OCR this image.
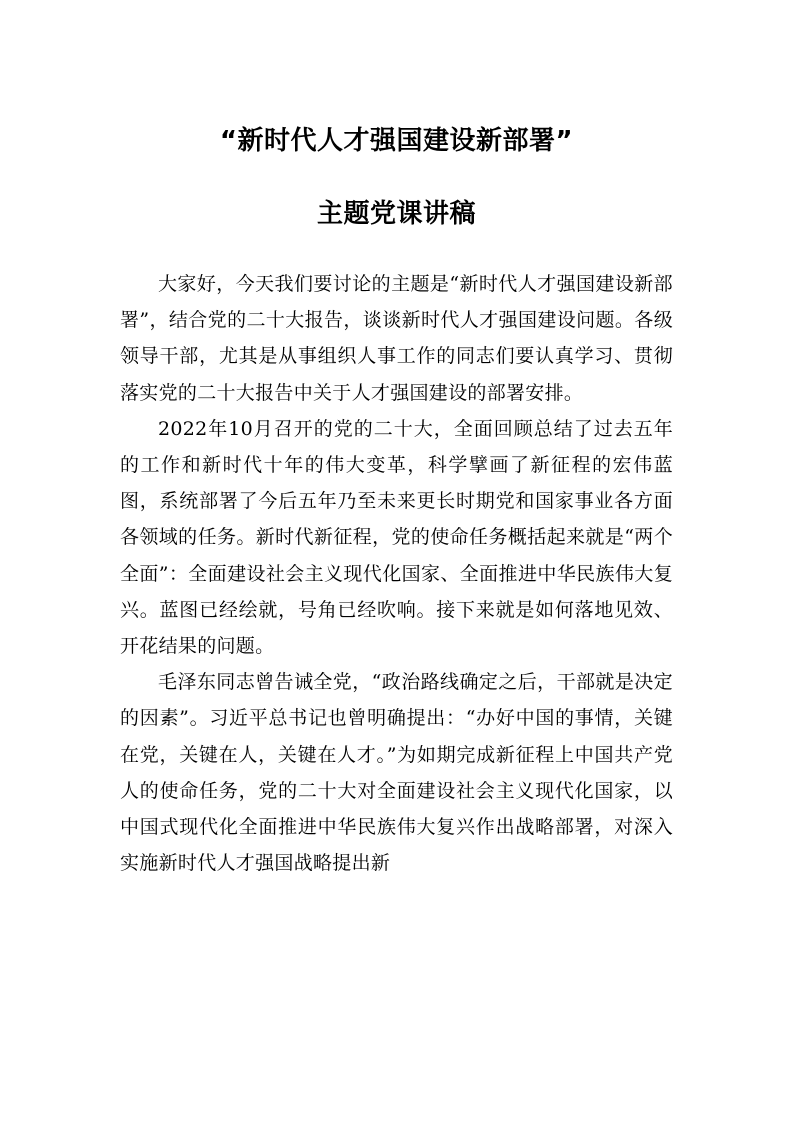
“新时代人才强国建设新部署”
主题党课讲稿

大家好，今天我们要讨论的主题是“新时代人才强国建设新部署”，结合党的二十大报告，谈谈新时代人才强国建设问题。各级领导干部，尤其是从事组织人事工作的同志们要认真学习、贯彻落实党的二十大报告中关于人才强国建设的部署安排。

2022年10月召开的党的二十大，全面回顾总结了过去五年的工作和新时代十年的伟大变革，科学擘画了新征程的宏伟蓝图，系统部署了今后五年乃至未来更长时期党和国家事业各方面各领域的任务。新时代新征程，党的使命任务概括起来就是“两个全面”：全面建设社会主义现代化国家、全面推进中华民族伟大复兴。蓝图已经绘就，号角已经吹响。接下来就是如何落地见效、开花结果的问题。

毛泽东同志曾告诫全党，“政治路线确定之后，干部就是决定的因素”。习近平总书记也曾明确提出：“办好中国的事情，关键在党，关键在人，关键在人才。”为如期完成新征程上中国共产党人的使命任务，党的二十大对全面建设社会主义现代化国家，以中国式现代化全面推进中华民族伟大复兴作出战略部署，对深入实施新时代人才强国战略提出新
